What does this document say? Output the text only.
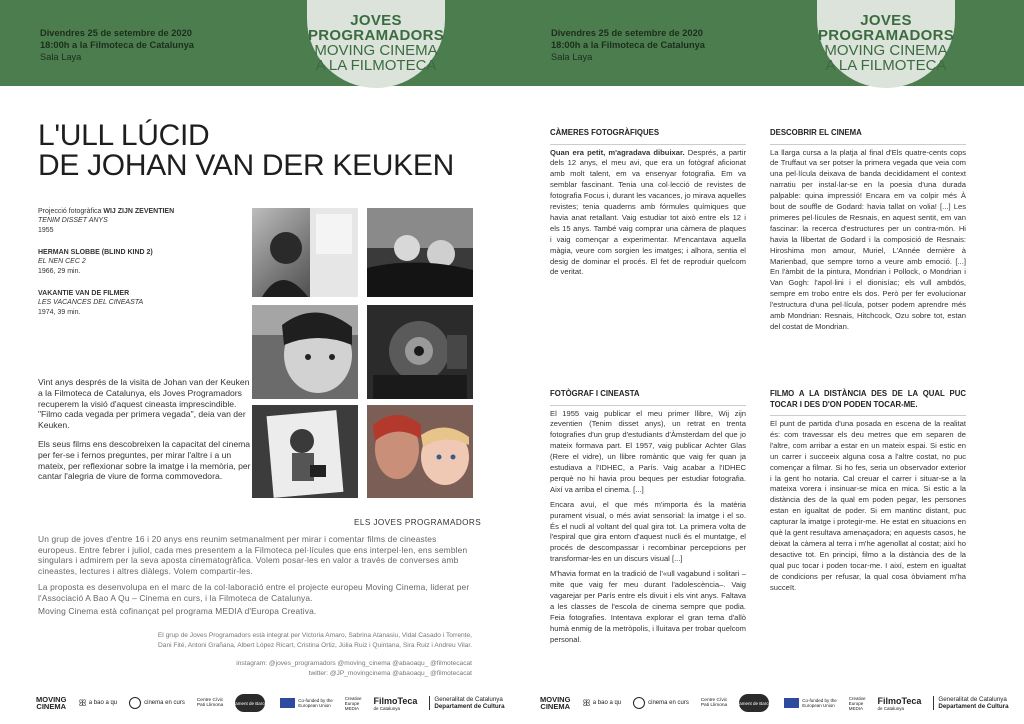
Divendres 25 de setembre de 2020
18:00h a la Filmoteca de Catalunya
Sala Laya
JOVES
PROGRAMADORS
MOVING CINEMA
A LA FILMOTECA
Divendres 25 de setembre de 2020
18:00h a la Filmoteca de Catalunya
Sala Laya
JOVES
PROGRAMADORS
MOVING CINEMA
A LA FILMOTECA
L'ULL LÚCID
DE JOHAN VAN DER KEUKEN
Projecció fotogràfica WIJ ZIJN ZEVENTIEN
TENIM DISSET ANYS
1955
HERMAN SLOBBE (BLIND KIND 2)
EL NEN CEC 2
1966, 29 min.
VAKANTIE VAN DE FILMER
LES VACANCES DEL CINEASTA
1974, 39 min.

Vint anys després de la visita de Johan van der Keuken a la Filmoteca de Catalunya, els Joves Programadors recuperem la visió d'aquest cineasta imprescindible. "Filmo cada vegada per primera vegada", deia van der Keuken.

Els seus films ens descobreixen la capacitat del cinema per fer-se i fernos preguntes, per mirar l'altre i a un mateix, per reflexionar sobre la imatge i la memòria, per cantar l'alegria de viure de forma commovedora.

ELS JOVES PROGRAMADORS

Un grup de joves d'entre 16 i 20 anys ens reunim setmanalment per mirar i comentar films de cineastes europeus. Entre febrer i juliol, cada mes presentem a la Filmoteca pel·lícules que ens interpel·len, ens semblen singulars i admirem per la seva aposta cinematogràfica. Volem posar-les en valor a través de converses amb cineastes, lectures i altres diàlegs. Volem compartir-les.

La proposta es desenvolupa en el marc de la col·laboració entre el projecte europeu Moving Cinema, liderat per l'Associació A Bao A Qu – Cinema en curs, i la Filmoteca de Catalunya.

Moving Cinema està cofinançat pel programa MEDIA d'Europa Creativa.

El grup de Joves Programadors està integrat per Victoria Amaro, Sabrina Atanasiu, Vidal Casado i Torrente,
Dani Fité, Antoni Grañana, Albert López Ricart, Cristina Ortiz, Júlia Ruiz i Quintana, Sira Ruiz i Andreu Vilar.
instagram: @joves_programadors @moving_cinema @abaoaqu_ @filmotecacat
twitter: @JP_movingcinema @abaoaqu_ @filmotecacat
MOVING
CINEMA ꕥ a bao a qu	cinema en curs	Centre Cívic
Pati Llimona Ajuntament de Barcelona	Co-funded by the
European Union
Creative
Europe
MEDIA
FilmoTeca
de Catalunya
Generalitat de Catalunya
Departament de Cultura
MOVING
CINEMA ꕥ a bao a qu	cinema en curs	Centre Cívic
Pati Llimona Ajuntament de Barcelona	Co-funded by the
European Union
Creative
Europe
MEDIA
FilmoTeca
de Catalunya
Generalitat de Catalunya
Departament de Cultura
CÀMERES FOTOGRÀFIQUES

Quan era petit, m'agradava dibuixar. Després, a partir dels 12 anys, el meu avi, que era un fotògraf aficionat amb molt talent, em va ensenyar fotografia. Em va semblar fascinant. Tenia una col·lecció de revistes de fotografia Focus i, durant les vacances, jo mirava aquelles revistes; tenia quaderns amb fórmules químiques que havia anat retallant. Vaig estudiar tot això entre els 12 i els 15 anys. També vaig comprar una càmera de plaques i vaig començar a experimentar. M'encantava aquella màgia, veure com sorgien les imatges; i alhora, sentia el desig de dominar el procés. El fet de reproduir quelcom de veritat.

DESCOBRIR EL CINEMA

La llarga cursa a la platja al final d'Els quatre-cents cops de Truffaut va ser potser la primera vegada que veia com una pel·lícula deixava de banda decididament el context narratiu per instal·lar-se en la poesia d'una durada palpable: quina impressió! Encara em va colpir més À bout de souffle de Godard: havia tallat on volia! [...] Les primeres pel·lícules de Resnais, en aquest sentit, em van fascinar: la recerca d'estructures per un contra-món. Hi havia la llibertat de Godard i la composició de Resnais: Hiroshima mon amour, Muriel, L'Année dernière à Marienbad, que sempre torno a veure amb emoció. [...] En l'àmbit de la pintura, Mondrian i Pollock, o Mondrian i Van Gogh: l'apol·lini i el dionisíac; els vull ambdós, sempre em trobo entre els dos. Però per fer evolucionar l'estructura d'una pel·lícula, potser podem aprendre més amb Mondrian: Resnais, Hitchcock, Ozu sobre tot, estan del costat de Mondrian.

FOTÒGRAF I CINEASTA

El 1955 vaig publicar el meu primer llibre, Wij zijn zeventien (Tenim disset anys), un retrat en trenta fotografies d'un grup d'estudiants d'Àmsterdam del que jo mateix formava part. El 1957, vaig publicar Achter Glas (Rere el vidre), un llibre romàntic que vaig fer quan ja estudiava a l'IDHEC, a París. Vaig acabar a l'IDHEC perquè no hi havia prou beques per estudiar fotografia. Així va arriba el cinema. [...]

Encara avui, el que més m'importa és la matèria purament visual, o més aviat sensorial: la imatge i el so. És el nucli al voltant del qual gira tot. La primera volta de l'espiral que gira entorn d'aquest nucli és el muntatge, el procés de descompassar i recombinar percepcions per transformar-les en un discurs visual [...]

M'havia format en la tradició de l'«ull vagabund i solitari –mite que vaig fer meu durant l'adolescència–. Vaig vagarejar per París entre els divuit i els vint anys. Faltava a les classes de l'escola de cinema sempre que podia. Feia fotografies. Intentava explorar el gran tema d'allò humà enmig de la metròpolis, i lluitava per trobar quelcom personal.

FILMO A LA DISTÀNCIA DES DE LA QUAL PUC TOCAR I DES D'ON PODEN TOCAR-ME.

El punt de partida d'una posada en escena de la realitat és: com travessar els deu metres que em separen de l'altre, com arribar a estar en un mateix espai. Si estic en un carrer i succeeix alguna cosa a l'altre costat, no puc començar a filmar. Si ho fes, seria un observador exterior i la gent ho notaria. Cal creuar el carrer i situar-se a la mateixa vorera i insinuar-se mica en mica. Si estic a la distància des de la qual em poden pegar, les persones estan en igualtat de poder. Si em mantinc distant, puc capturar la imatge i protegir-me. He estat en situacions en què la gent resultava amenaçadora; en aquests casos, he deixat la càmera al terra i m'he agenollat al costat; així ho desactive tot. En principi, filmo a la distància des de la qual puc tocar i poden tocar-me. I així, estem en igualtat de condicions per refusar, la qual cosa òbviament m'ha succeït.
